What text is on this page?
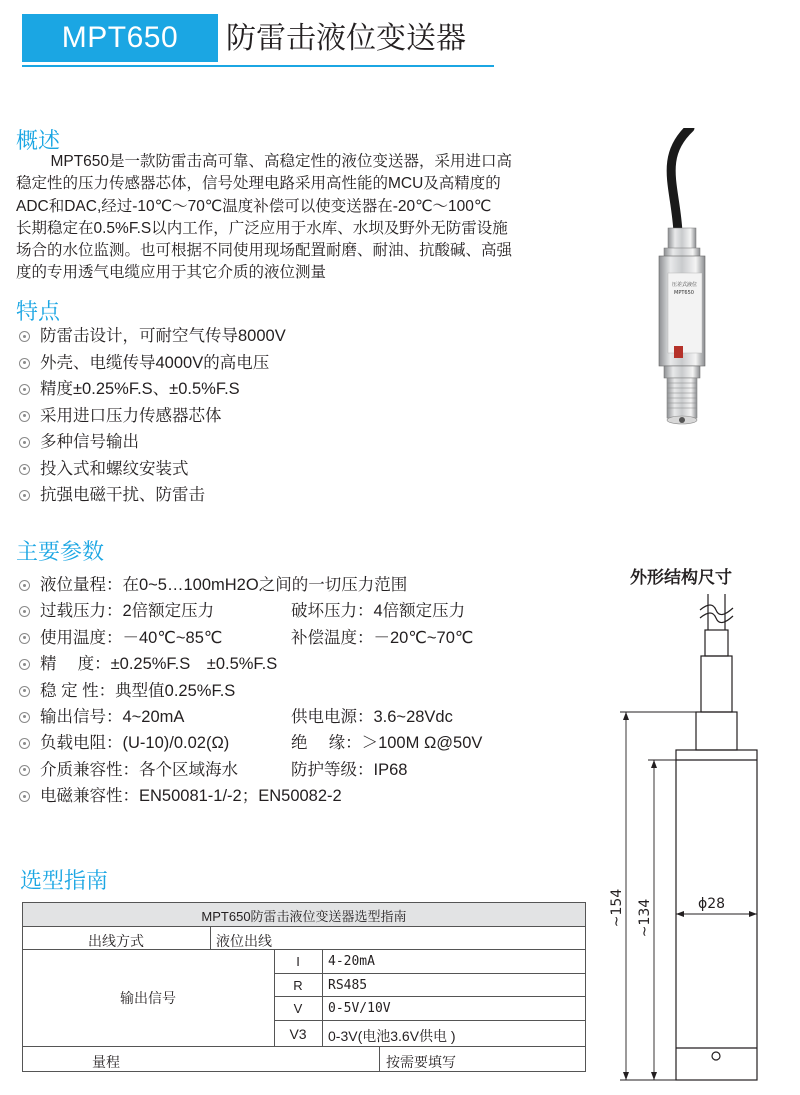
MPT650	防雷击液位变送器
概述
MPT650是一款防雷击高可靠、高稳定性的液位变送器，采用进口高
稳定性的压力传感器芯体，信号处理电路采用高性能的MCU及高精度的
ADC和DAC,经过-10℃～70℃温度补偿可以使变送器在-20℃～100℃
长期稳定在0.5%F.S以内工作，广泛应用于水库、水坝及野外无防雷设施
场合的水位监测。也可根据不同使用现场配置耐磨、耐油、抗酸碱、高强
度的专用透气电缆应用于其它介质的液位测量
压差式液位
MPT650
特点
防雷击设计，可耐空气传导8000V
外壳、电缆传导4000V的高电压
精度±0.25%F.S、±0.5%F.S
采用进口压力传感器芯体
多种信号输出
投入式和螺纹安装式
抗强电磁干扰、防雷击
主要参数
液位量程：在0~5…100mH2O之间的一切压力范围
过载压力：2倍额定压力	破坏压力：4倍额定压力
使用温度：－40℃~85℃	补偿温度：－20℃~70℃
精　 度：±0.25%F.S　±0.5%F.S
稳 定 性：典型值0.25%F.S
输出信号：4~20mA	供电电源：3.6~28Vdc
负载电阻：(U-10)/0.02(Ω)	绝　 缘：＞100M Ω@50V
介质兼容性：各个区域海水	防护等级：IP68
电磁兼容性：EN50081-1/-2；EN50082-2
外形结构尺寸
~154 ~134	ϕ28
选型指南
MPT650防雷击液位变送器选型指南
出线方式	液位出线
输出信号
I	4-20mA
R	RS485
V	0-5V/10V
V3	0-3V(电池3.6V供电 )
量程	按需要填写
